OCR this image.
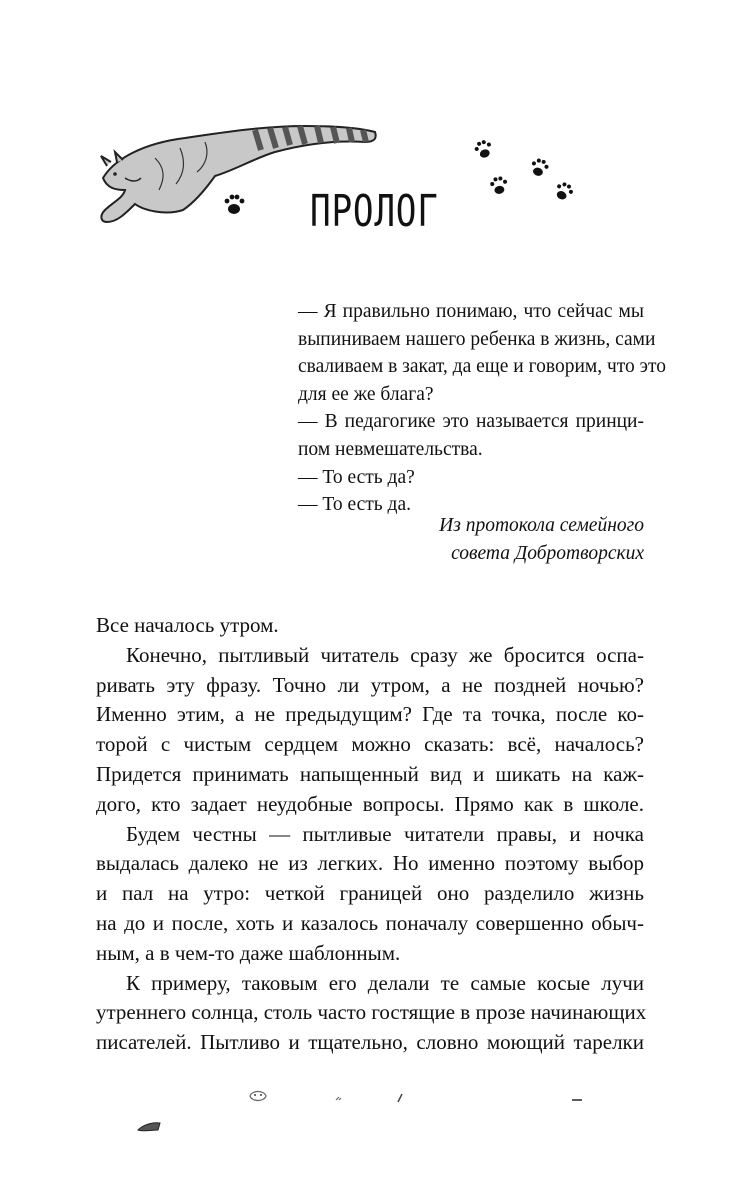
ПРОЛОГ
— Я правильно понимаю, что сейчас мы
выпиниваем нашего ребенка в жизнь, сами
сваливаем в закат, да еще и говорим, что это
для ее же блага?
— В педагогике это называется принци-
пом невмешательства.
— То есть да?
— То есть да.
Из протокола семейного
совета Добротворских
Все началось утром.
Конечно, пытливый читатель сразу же бросится оспа-
ривать эту фразу. Точно ли утром, а не поздней ночью?
Именно этим, а не предыдущим? Где та точка, после ко-
торой с чистым сердцем можно сказать: всё, началось?
Придется принимать напыщенный вид и шикать на каж-
дого, кто задает неудобные вопросы. Прямо как в школе.
Будем честны — пытливые читатели правы, и ночка
выдалась далеко не из легких. Но именно поэтому выбор
и пал на утро: четкой границей оно разделило жизнь
на до и после, хоть и казалось поначалу совершенно обыч-
ным, а в чем-то даже шаблонным.
К примеру, таковым его делали те самые косые лучи
утреннего солнца, столь часто гостящие в прозе начинающих
писателей. Пытливо и тщательно, словно моющий тарелки
